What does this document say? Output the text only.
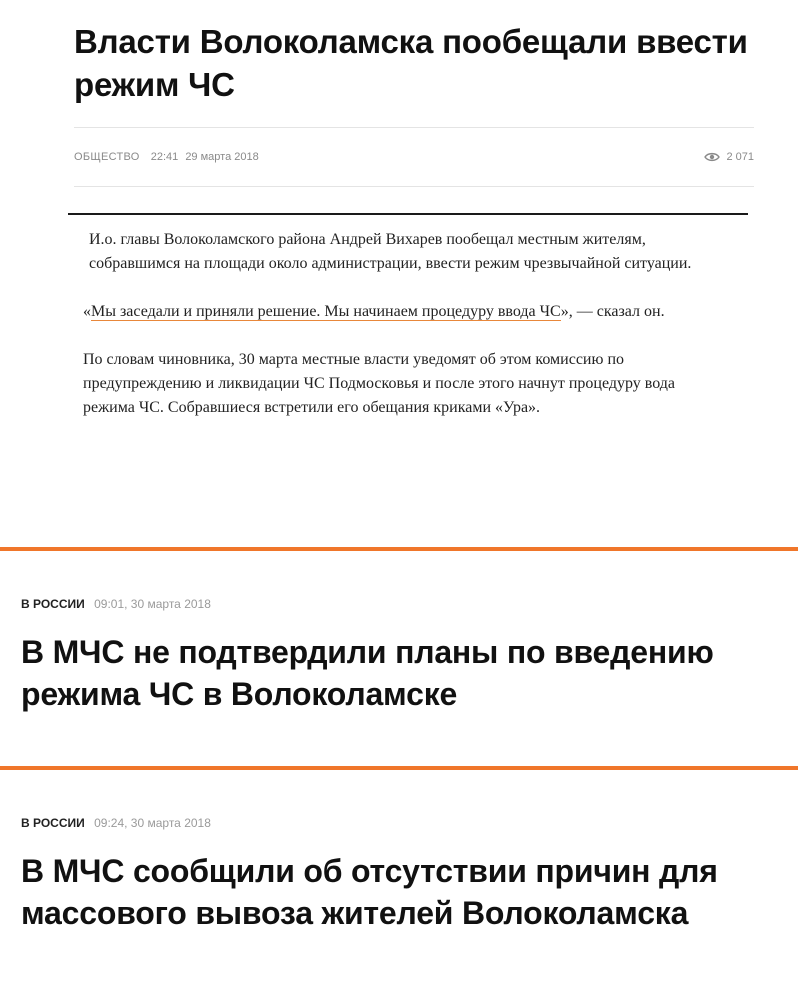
Власти Волоколамска пообещали ввести режим ЧС
ОБЩЕСТВО 22:41 29 марта 2018	2 071

И.о. главы Волоколамского района Андрей Вихарев пообещал местным жителям, собравшимся на площади около администрации, ввести режим чрезвычайной ситуации.

«Мы заседали и приняли решение. Мы начинаем процедуру ввода ЧС», — сказал он.

По словам чиновника, 30 марта местные власти уведомят об этом комиссию по предупреждению и ликвидации ЧС Подмосковья и после этого начнут процедуру вода режима ЧС. Собравшиеся встретили его обещания криками «Ура».

В РОССИИ 09:01, 30 марта 2018
В МЧС не подтвердили планы по введению режима ЧС в Волоколамске
В РОССИИ 09:24, 30 марта 2018
В МЧС сообщили об отсутствии причин для массового вывоза жителей Волоколамска
